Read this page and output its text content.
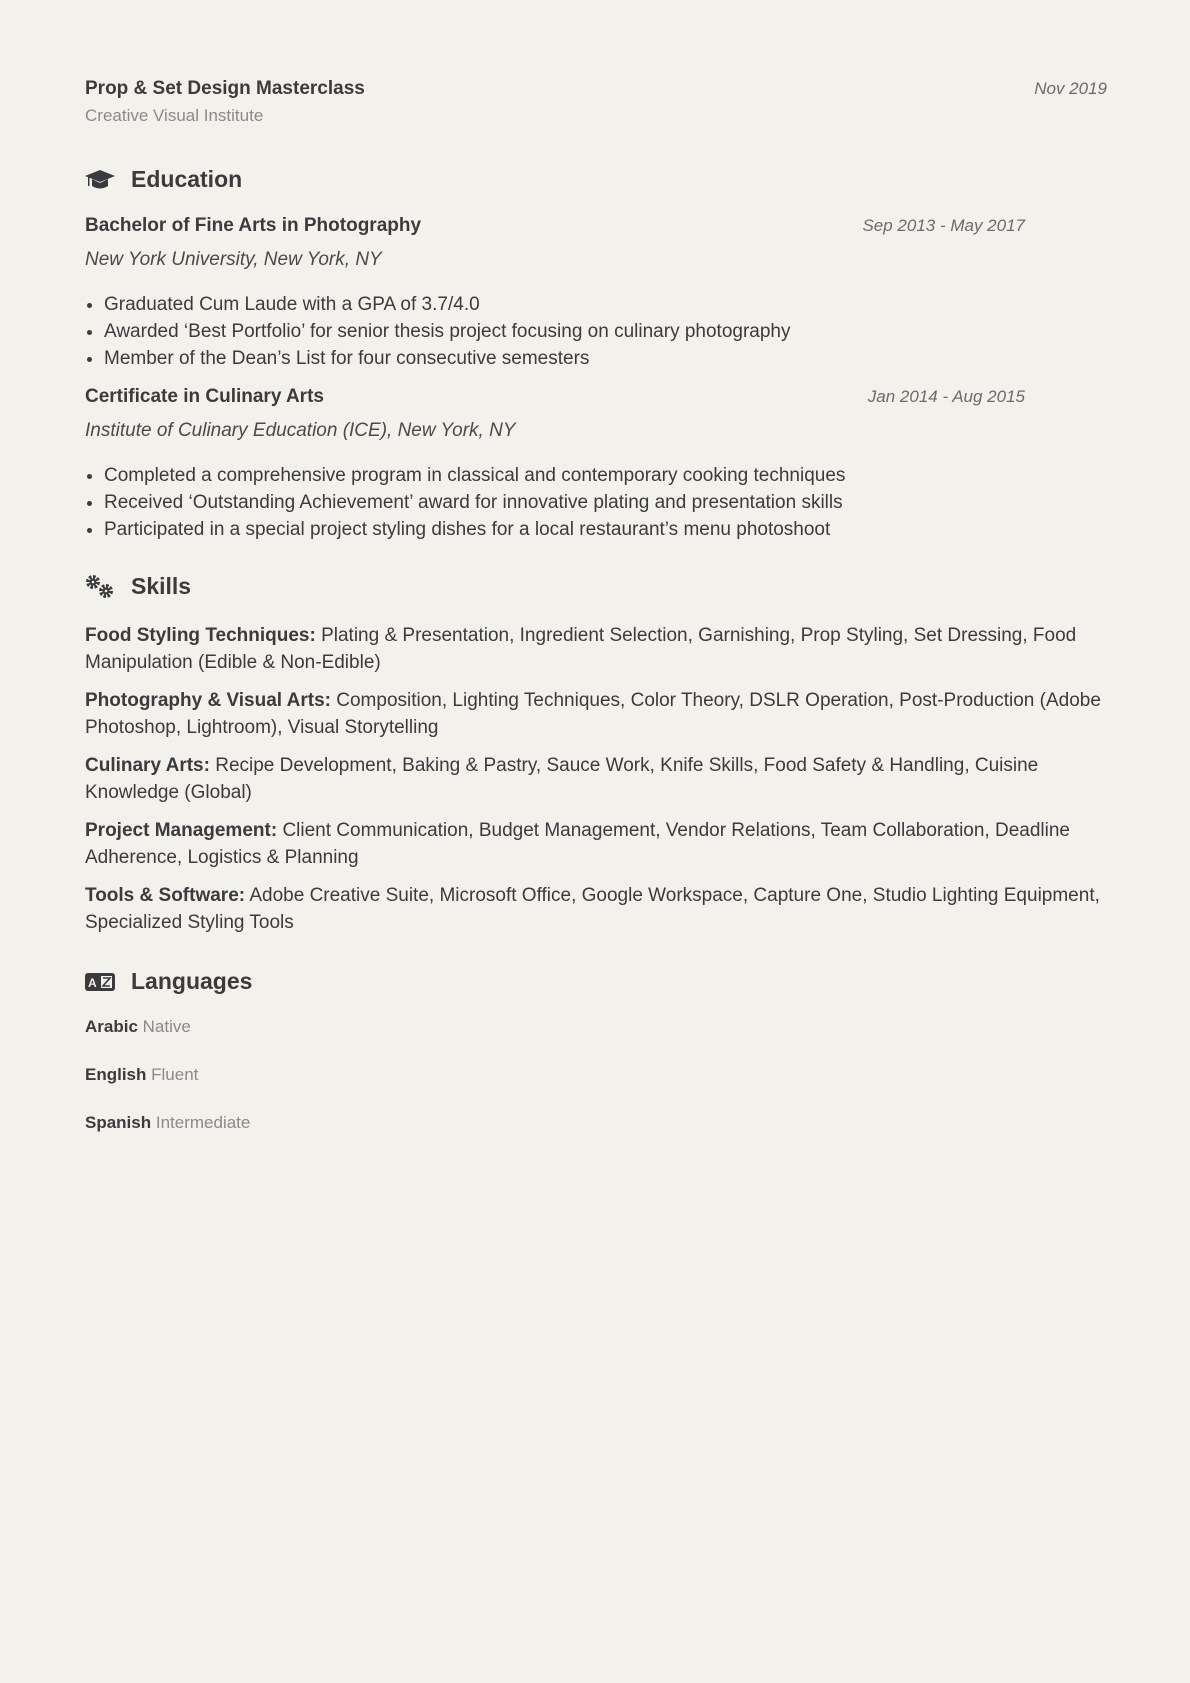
Prop & Set Design Masterclass	Nov 2019
Creative Visual Institute
Education
Bachelor of Fine Arts in Photography	Sep 2013 - May 2017
New York University, New York, NY
• Graduated Cum Laude with a GPA of 3.7/4.0
• Awarded ‘Best Portfolio’ for senior thesis project focusing on culinary photography
• Member of the Dean’s List for four consecutive semesters
Certificate in Culinary Arts	Jan 2014 - Aug 2015
Institute of Culinary Education (ICE), New York, NY
• Completed a comprehensive program in classical and contemporary cooking techniques
• Received ‘Outstanding Achievement’ award for innovative plating and presentation skills
• Participated in a special project styling dishes for a local restaurant’s menu photoshoot
Skills
Food Styling Techniques: Plating & Presentation, Ingredient Selection, Garnishing, Prop Styling, Set Dressing, Food Manipulation (Edible & Non-Edible)
Photography & Visual Arts: Composition, Lighting Techniques, Color Theory, DSLR Operation, Post-Production (Adobe Photoshop, Lightroom), Visual Storytelling
Culinary Arts: Recipe Development, Baking & Pastry, Sauce Work, Knife Skills, Food Safety & Handling, Cuisine Knowledge (Global)
Project Management: Client Communication, Budget Management, Vendor Relations, Team Collaboration, Deadline Adherence, Logistics & Planning
Tools & Software: Adobe Creative Suite, Microsoft Office, Google Workspace, Capture One, Studio Lighting Equipment, Specialized Styling Tools
A Languages
Arabic Native
English Fluent
Spanish Intermediate
